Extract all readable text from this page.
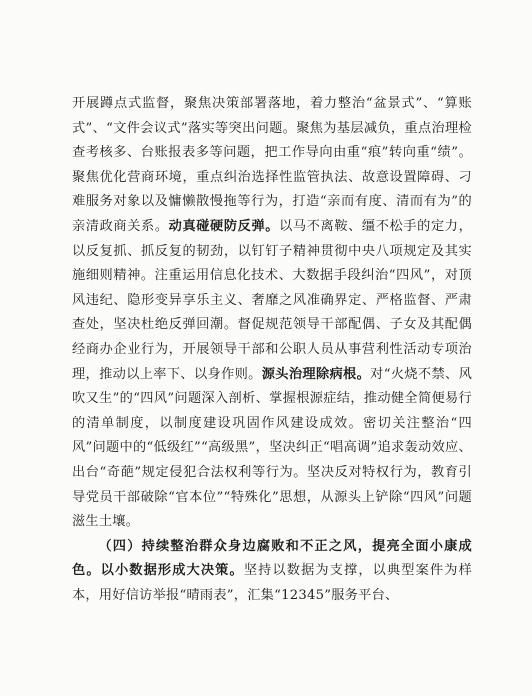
开展蹲点式监督，聚焦决策部署落地，着力整治“盆景式”、“算账式”、“文件会议式”落实等突出问题。聚焦为基层减负，重点治理检查考核多、台账报表多等问题，把工作导向由重“痕”转向重“绩”。聚焦优化营商环境，重点纠治选择性监管执法、故意设置障碍、刁难服务对象以及慵懒散慢拖等行为，打造“亲而有度、清而有为”的亲清政商关系。动真碰硬防反弹。以马不离鞍、缰不松手的定力，以反复抓、抓反复的韧劲，以钉钉子精神贯彻中央八项规定及其实施细则精神。注重运用信息化技术、大数据手段纠治“四风”，对顶风违纪、隐形变异享乐主义、奢靡之风准确界定、严格监督、严肃查处，坚决杜绝反弹回潮。督促规范领导干部配偶、子女及其配偶经商办企业行为，开展领导干部和公职人员从事营利性活动专项治理，推动以上率下、以身作则。源头治理除病根。对“火烧不禁、风吹又生”的“四风”问题深入剖析、掌握根源症结，推动健全简便易行的清单制度，以制度建设巩固作风建设成效。密切关注整治“四风”问题中的“低级红”“高级黑”，坚决纠正“唱高调”追求轰动效应、出台“奇葩”规定侵犯合法权利等行为。坚决反对特权行为，教育引导党员干部破除“官本位”“特殊化”思想，从源头上铲除“四风”问题滋生土壤。

（四）持续整治群众身边腐败和不正之风，提亮全面小康成色。以小数据形成大决策。坚持以数据为支撑，以典型案件为样本，用好信访举报“晴雨表”，汇集“12345”服务平台、
